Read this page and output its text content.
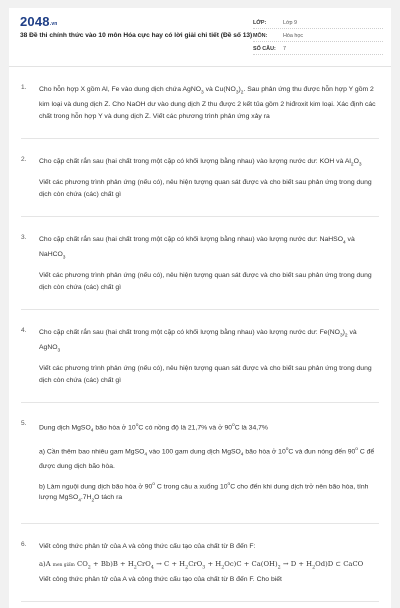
$2048_{.vn}$
38 Đề thi chính thức vào 10 môn Hóa cực hay có lời giải chi tiết (Đề số 13)
LỚP:	Lớp 9
MÔN:	Hóa học
SỐ CÂU:	7
1. Cho hỗn hợp X gồm Al, Fe vào dung dịch chứa AgNO$_3$ và $Cu(NO_3)_2$. Sau phản ứng thu được hỗn hợp Y gồm 2 kim loại và dung dịch Z. Cho NaOH dư vào dung dịch Z thu được 2 kết tủa gồm 2 hiđroxit kim loại. Xác định các chất trong hỗn hợp Y và dung dịch Z. Viết các phương trình phản ứng xảy ra

2. Cho cặp chất rắn sau (hai chất trong một cặp có khối lượng bằng nhau) vào lượng nước dư: KOH và $Al_2O_3$

Viết các phương trình phản ứng (nếu có), nêu hiện tượng quan sát được và cho biết sau phản ứng trong dung dịch còn chứa (các) chất gì

3. Cho cặp chất rắn sau (hai chất trong một cặp có khối lượng bằng nhau) vào lượng nước dư: NaHSO$_4$ và NaHCO$_3$

Viết các phương trình phản ứng (nếu có), nêu hiện tượng quan sát được và cho biết sau phản ứng trong dung dịch còn chứa (các) chất gì

4. Cho cặp chất rắn sau (hai chất trong một cặp có khối lượng bằng nhau) vào lượng nước dư: $Fe(NO_3)_2$ và AgNO$_3$

Viết các phương trình phản ứng (nếu có), nêu hiện tượng quan sát được và cho biết sau phản ứng trong dung dịch còn chứa (các) chất gì

5.

Dung dịch MgSO$_4$ bão hòa ở 10$^o$C có nồng độ là 21,7% và ở 90$^o$C là 34,7%

a) Cần thêm bao nhiêu gam MgSO$_4$ vào 100 gam dung dịch MgSO$_4$ bão hòa ở 10$^o$C và đun nóng đến 90$^o$ C để được dung dịch bão hòa.

b) Làm nguội dung dịch bão hòa ở 90$^o$ C trong câu a xuống 10$^o$C cho đến khi dung dịch trở nên bão hòa, tính lượng $MgSO_4.7H_2O$ tách ra

6. Viết công thức phân tử của A và công thức cấu tạo của chất từ B đến F:

a)A men giấm $CO_2 + Bb)B + H_2CrO_4 \to C + H_2CrO_3 + H_2Oc)C + Ca(OH)_2 \to D + H_2Od)D$ ⊂ CaCO

Viết công thức phân tử của A và công thức cấu tạo của chất từ B đến F. Cho biết
